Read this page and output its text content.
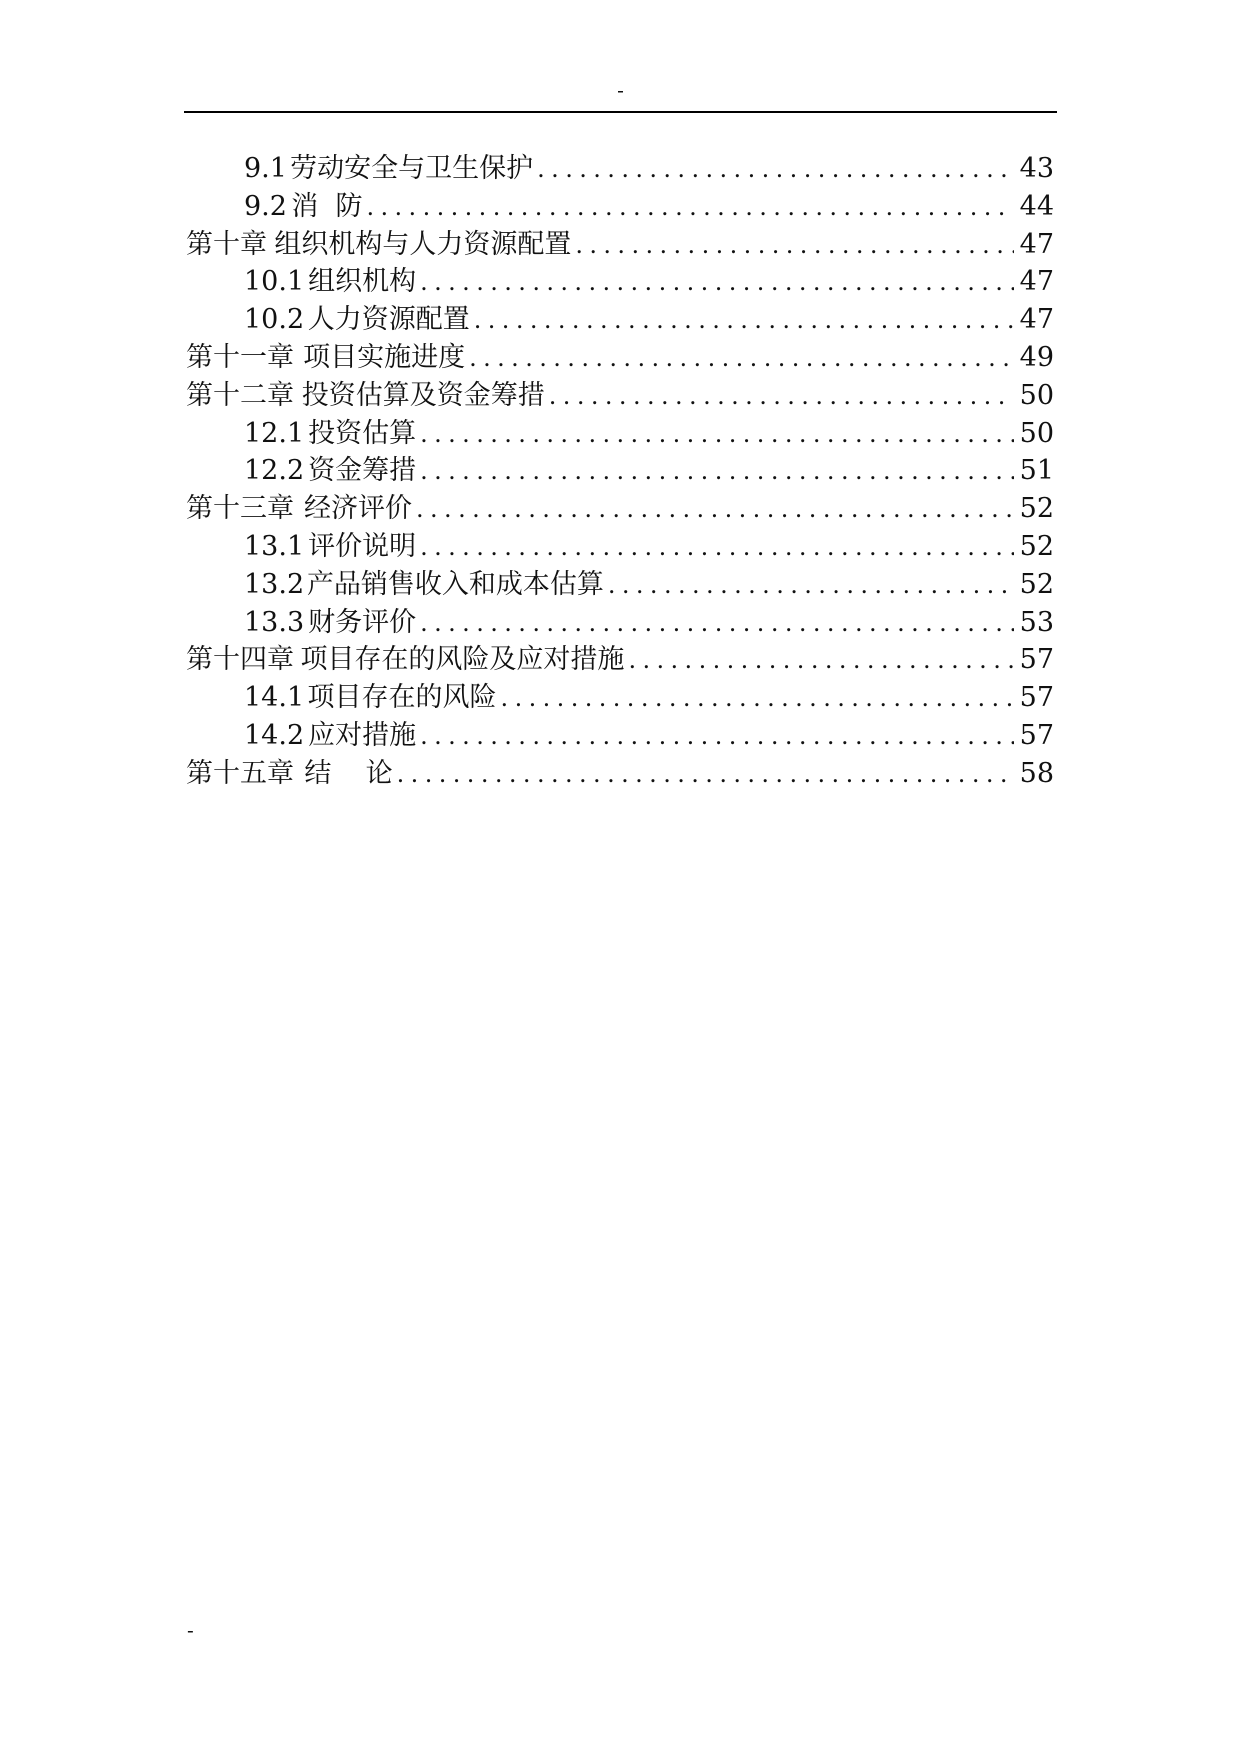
-
9.1 劳动安全与卫生保护 .....	43
9.2 消  防 .....	44
第十章 组织机构与人力资源配置 .....	47
10.1 组织机构 .....	47
10.2 人力资源配置 .....	47
第十一章 项目实施进度 .....	49
第十二章 投资估算及资金筹措 .....	50
12.1 投资估算 .....	50
12.2 资金筹措 .....	51
第十三章 经济评价 .....	52
13.1 评价说明 .....	52
13.2 产品销售收入和成本估算 .....	52
13.3 财务评价 .....	53
第十四章 项目存在的风险及应对措施 .....	57
14.1 项目存在的风险 .....	57
14.2 应对措施 .....	57
第十五章 结    论 .....	58
-
